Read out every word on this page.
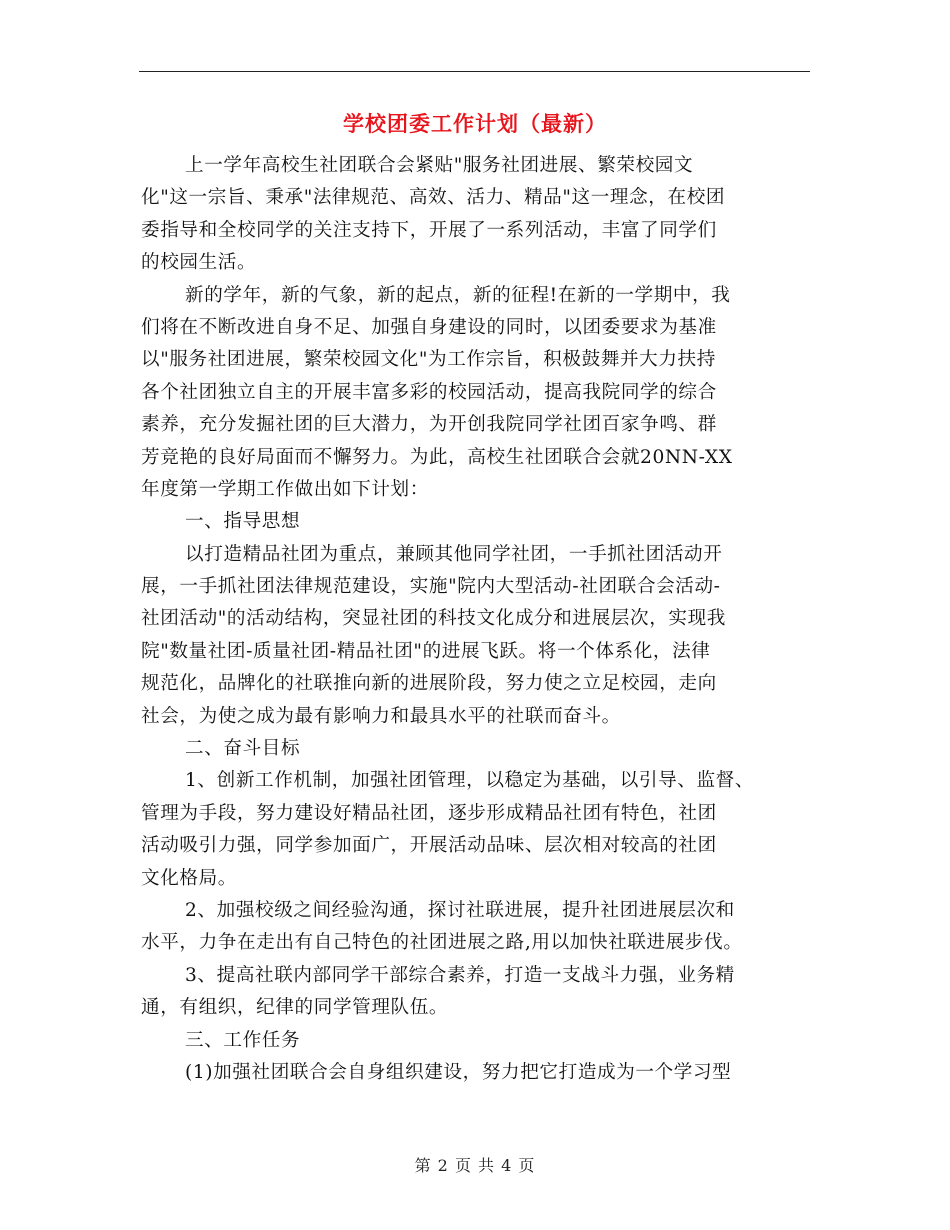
学校团委工作计划（最新）
上一学年高校生社团联合会紧贴"服务社团进展、繁荣校园文
化"这一宗旨、秉承"法律规范、高效、活力、精品"这一理念，在校团
委指导和全校同学的关注支持下，开展了一系列活动，丰富了同学们
的校园生活。
新的学年，新的气象，新的起点，新的征程!在新的一学期中，我
们将在不断改进自身不足、加强自身建设的同时，以团委要求为基准
以"服务社团进展，繁荣校园文化"为工作宗旨，积极鼓舞并大力扶持
各个社团独立自主的开展丰富多彩的校园活动，提高我院同学的综合
素养，充分发掘社团的巨大潜力，为开创我院同学社团百家争鸣、群
芳竞艳的良好局面而不懈努力。为此，高校生社团联合会就20NN-XX
年度第一学期工作做出如下计划：
一、指导思想
以打造精品社团为重点，兼顾其他同学社团，一手抓社团活动开
展，一手抓社团法律规范建设，实施"院内大型活动-社团联合会活动-
社团活动"的活动结构，突显社团的科技文化成分和进展层次，实现我
院"数量社团-质量社团-精品社团"的进展飞跃。将一个体系化，法律
规范化，品牌化的社联推向新的进展阶段，努力使之立足校园，走向
社会，为使之成为最有影响力和最具水平的社联而奋斗。
二、奋斗目标
1、创新工作机制，加强社团管理，以稳定为基础，以引导、监督、
管理为手段，努力建设好精品社团，逐步形成精品社团有特色，社团
活动吸引力强，同学参加面广，开展活动品味、层次相对较高的社团
文化格局。
2、加强校级之间经验沟通，探讨社联进展，提升社团进展层次和
水平，力争在走出有自己特色的社团进展之路,用以加快社联进展步伐。
3、提高社联内部同学干部综合素养，打造一支战斗力强，业务精
通，有组织，纪律的同学管理队伍。
三、工作任务
(1)加强社团联合会自身组织建设，努力把它打造成为一个学习型
第 2 页 共 4 页
